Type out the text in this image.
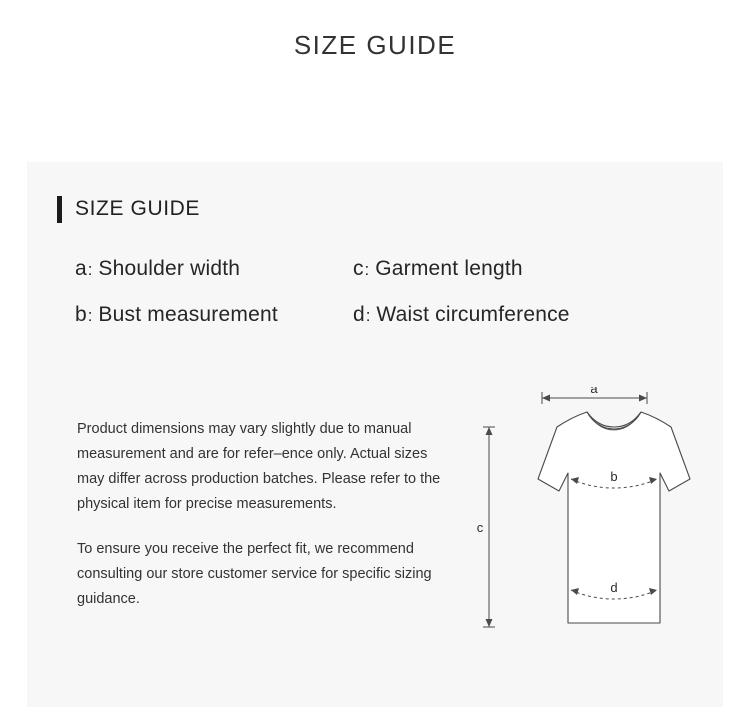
SIZE GUIDE
SIZE GUIDE
a : Shoulder width	c : Garment length
b : Bust measurement	d : Waist circumference

Product dimensions may vary slightly due to manual measurement and are for refer–ence only. Actual sizes may differ across production batches. Please refer to the physical item for precise measurements.

To ensure you receive the perfect fit, we recommend consulting our store customer service for specific sizing guidance.

a
c
b
d
